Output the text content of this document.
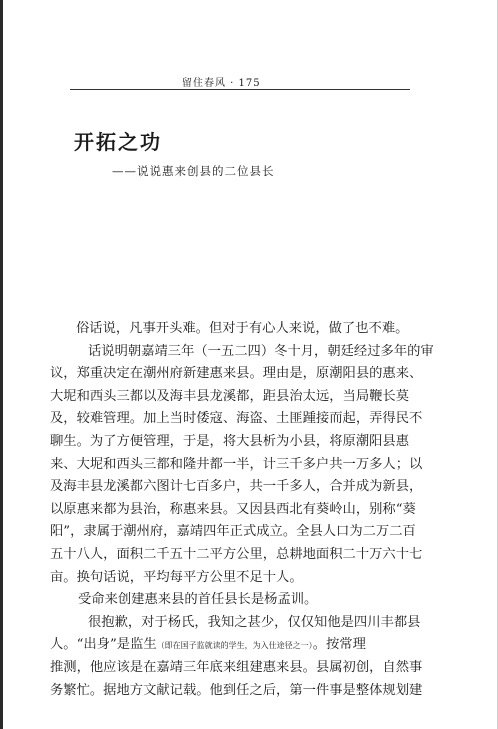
留住春风 · 175
开拓之功
——说说惠来创县的二位县长
俗话说，凡事开头难。但对于有心人来说，做了也不难。
话说明朝嘉靖三年（一五二四）冬十月，朝廷经过多年的审
议，郑重决定在潮州府新建惠来县。理由是，原潮阳县的惠来、
大坭和西头三都以及海丰县龙溪都，距县治太远，当局鞭长莫
及，较难管理。加上当时倭寇、海盗、土匪踵接而起，弄得民不
聊生。为了方便管理，于是，将大县析为小县，将原潮阳县惠
来、大坭和西头三都和隆井都一半，计三千多户共一万多人；以
及海丰县龙溪都六图计七百多户，共一千多人，合并成为新县，
以原惠来都为县治，称惠来县。又因县西北有葵岭山，别称“葵
阳”，隶属于潮州府，嘉靖四年正式成立。全县人口为二万二百
五十八人，面积二千五十二平方公里，总耕地面积二十万六十七
亩。换句话说，平均每平方公里不足十人。
受命来创建惠来县的首任县长是杨孟训。
很抱歉，对于杨氏，我知之甚少，仅仅知他是四川丰都县
人。“出身”是监生（即在国子监就读的学生，为入仕途径之一）。按常理
推测，他应该是在嘉靖三年底来组建惠来县。县属初创，自然事
务繁忙。据地方文献记载。他到任之后，第一件事是整体规划建
